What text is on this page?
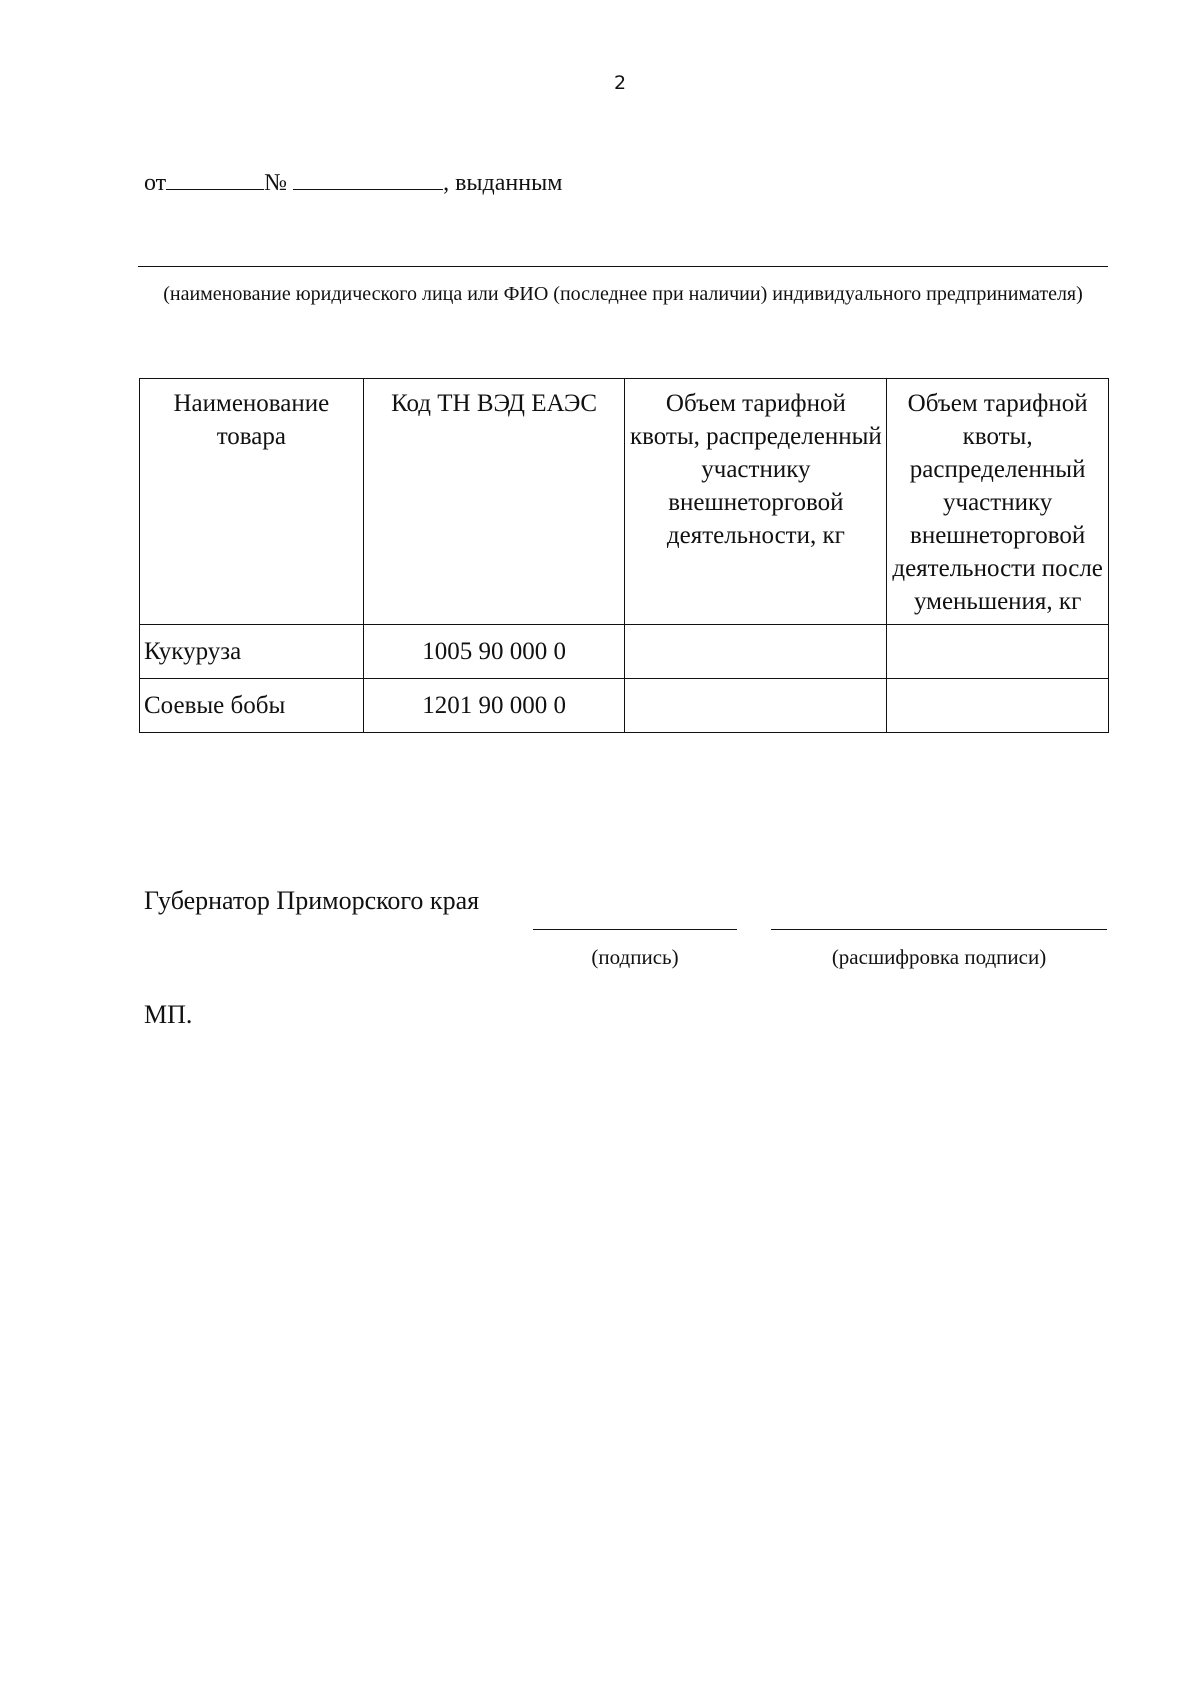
2
от	№	, выданным
(наименование юридического лица или ФИО (последнее при наличии) индивидуального предпринимателя)
Наименование товара	Код ТН ВЭД ЕАЭС	Объем тарифной квоты, распределенный участнику внешнеторговой деятельности, кг	Объем тарифной квоты, распределенный участнику внешнеторговой деятельности после уменьшения, кг
Кукуруза	1005 90 000 0		
Соевые бобы	1201 90 000 0		
Губернатор Приморского края
(подпись)	(расшифровка подписи)
МП.
